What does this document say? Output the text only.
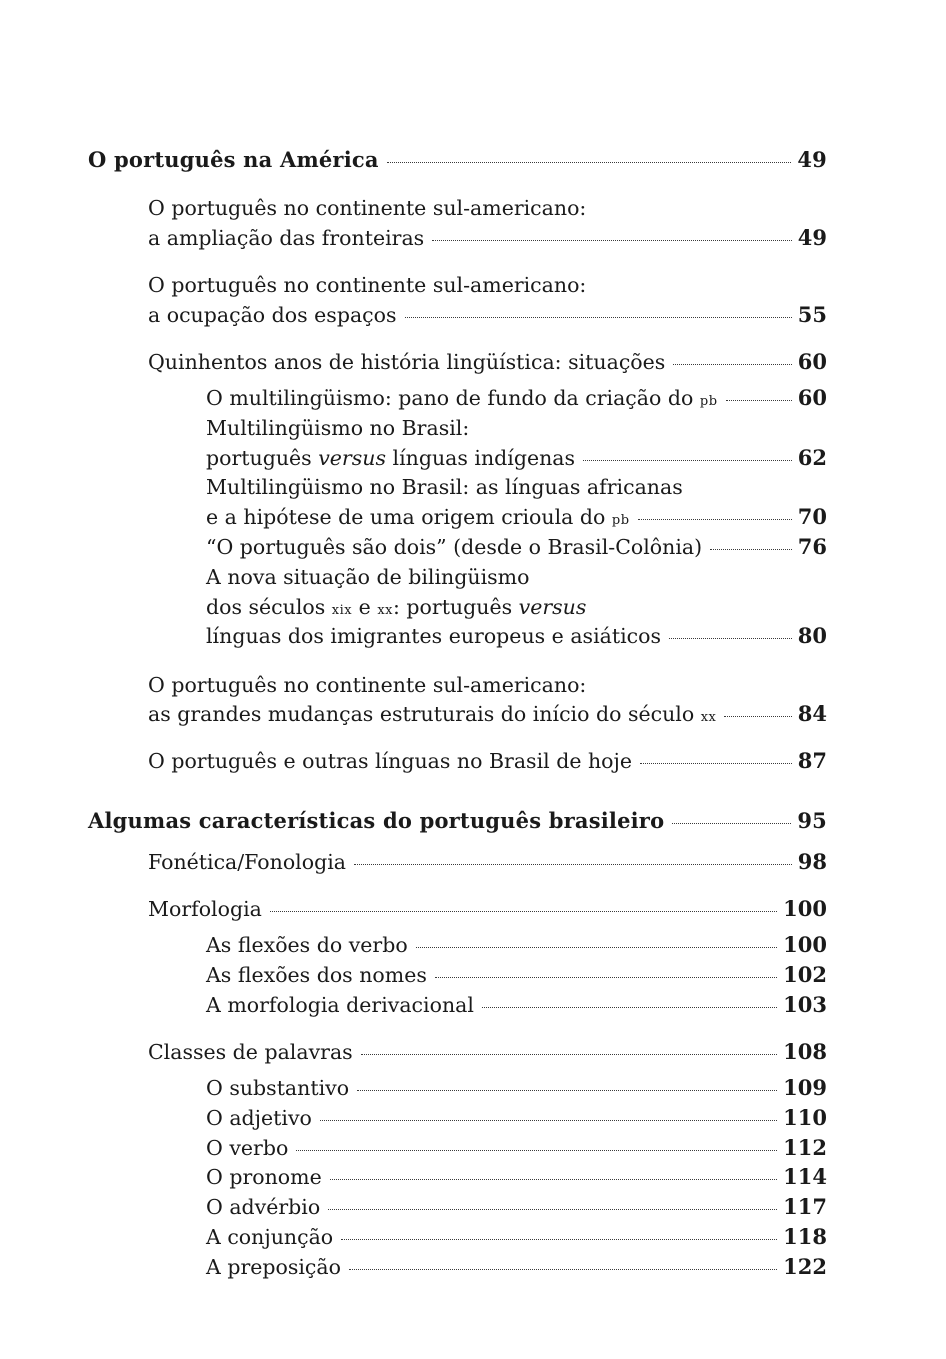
O português na América	49
O português no continente sul-americano:
a ampliação das fronteiras	49
O português no continente sul-americano:
a ocupação dos espaços	55
Quinhentos anos de história lingüística: situações	60
O multilingüismo: pano de fundo da criação do pb	60
Multilingüismo no Brasil:
português versus línguas indígenas	62
Multilingüismo no Brasil: as línguas africanas
e a hipótese de uma origem crioula do pb	70
“O português são dois” (desde o Brasil-Colônia)	76
A nova situação de bilingüismo
dos séculos xix e xx: português versus
línguas dos imigrantes europeus e asiáticos	80
O português no continente sul-americano:
as grandes mudanças estruturais do início do século xx	84
O português e outras línguas no Brasil de hoje	87
Algumas características do português brasileiro	95
Fonética/Fonologia	98
Morfologia	100
As flexões do verbo	100
As flexões dos nomes	102
A morfologia derivacional	103
Classes de palavras	108
O substantivo	109
O adjetivo	110
O verbo	112
O pronome	114
O advérbio	117
A conjunção	118
A preposição	122
